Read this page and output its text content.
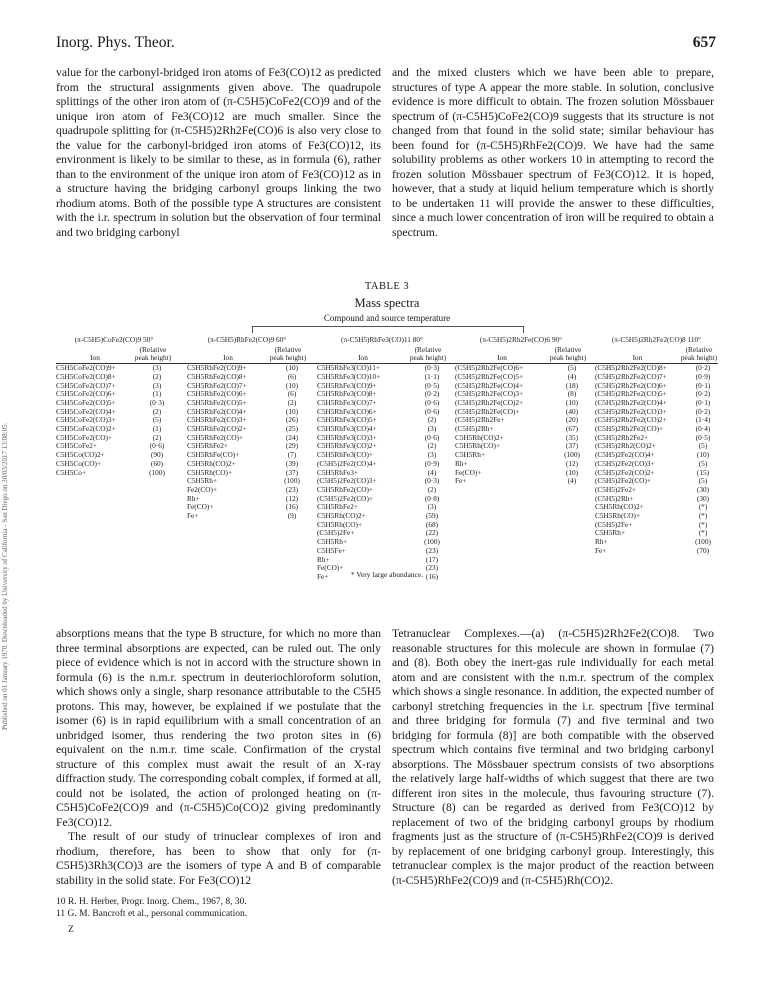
Published on 01 January 1970. Downloaded by University of California - San Diego on 30/03/2017 13:08:05.
Inorg. Phys. Theor.	657

value for the carbonyl-bridged iron atoms of Fe3(CO)12 as predicted from the structural assignments given above. The quadrupole splittings of the other iron atom of (π-C5H5)CoFe2(CO)9 and of the unique iron atom of Fe3(CO)12 are much smaller. Since the quadrupole splitting for (π-C5H5)2Rh2Fe(CO)6 is also very close to the value for the carbonyl-bridged iron atoms of Fe3(CO)12, its environment is likely to be similar to these, as in formula (6), rather than to the environment of the unique iron atom of Fe3(CO)12 as in a structure having the bridging carbonyl groups linking the two rhodium atoms. Both of the possible type A structures are consistent with the i.r. spectrum in solution but the observation of four terminal and two bridging carbonyl

and the mixed clusters which we have been able to prepare, structures of type A appear the more stable. In solution, conclusive evidence is more difficult to obtain. The frozen solution Mössbauer spectrum of (π-C5H5)CoFe2(CO)9 suggests that its structure is not changed from that found in the solid state; similar behaviour has been found for (π-C5H5)RhFe2(CO)9. We have had the same solubility problems as other workers 10 in attempting to record the frozen solution Mössbauer spectrum of Fe3(CO)12. It is hoped, however, that a study at liquid helium temperature which is shortly to be undertaken 11 will provide the answer to these difficulties, since a much lower concentration of iron will be required to obtain a spectrum.

TABLE 3
Mass spectra
Compound and source temperature
(π-C5H5)CoFe2(CO)9 50°
Ion
(Relative peak height)
C5H5CoFe2(CO)9+	(3)
C5H5CoFe2(CO)8+	(2)
C5H5CoFe2(CO)7+	(3)
C5H5CoFe2(CO)6+	(1)
C5H5CoFe2(CO)5+	(0·3)
C5H5CoFe2(CO)4+	(2)
C5H5CoFe2(CO)3+	(5)
C5H5CoFe2(CO)2+	(1)
C5H5CoFe2(CO)+	(2)
C5H5CoFe2+	(0·6)
C5H5Co(CO)2+	(90)
C5H5Co(CO)+	(60)
C5H5Co+	(100)
(π-C5H5)RhFe2(CO)9 60°
Ion
(Relative peak height)
C5H5RhFe2(CO)9+	(10)
C5H5RhFe2(CO)8+	(6)
C5H5RhFe2(CO)7+	(10)
C5H5RhFe2(CO)6+	(6)
C5H5RhFe2(CO)5+	(2)
C5H5RhFe2(CO)4+	(10)
C5H5RhFe2(CO)3+	(26)
C5H5RhFe2(CO)2+	(25)
C5H5RhFe2(CO)+	(24)
C5H5RhFe2+	(29)
C5H5RhFe(CO)+	(7)
C5H5Rh(CO)2+	(39)
C5H5Rh(CO)+	(37)
C5H5Rh+	(100)
Fe2(CO)+	(23)
Rh+	(12)
Fe(CO)+	(16)
Fe+	(9)
(π-C5H5)RhFe3(CO)11 80°
Ion
(Relative peak height)
C5H5RhFe3(CO)11+	(0·3)
C5H5RhFe3(CO)10+	(1·1)
C5H5RhFe3(CO)9+	(0·5)
C5H5RhFe3(CO)8+	(0·2)
C5H5RhFe3(CO)7+	(0·6)
C5H5RhFe3(CO)6+	(0·6)
C5H5RhFe3(CO)5+	(2)
C5H5RhFe3(CO)4+	(3)
C5H5RhFe3(CO)3+	(0·6)
C5H5RhFe3(CO)2+	(2)
C5H5RhFe3(CO)+	(3)
(C5H5)2Fe2(CO)4+	(0·9)
C5H5RhFe3+	(4)
(C5H5)2Fe2(CO)3+	(0·3)
C5H5RhFe2(CO)+	(2)
(C5H5)2Fe2(CO)+	(0·8)
C5H5RhFe2+	(3)
C5H5Rh(CO)2+	(59)
C5H5Rh(CO)+	(68)
(C5H5)2Fe+	(22)
C5H5Rh+	(100)
C5H5Fe+	(23)
Rh+	(17)
Fe(CO)+	(23)
Fe+	(16)
(π-C5H5)2Rh2Fe(CO)6 90°
Ion
(Relative peak height)
(C5H5)2Rh2Fe(CO)6+	(5)
(C5H5)2Rh2Fe(CO)5+	(4)
(C5H5)2Rh2Fe(CO)4+	(18)
(C5H5)2Rh2Fe(CO)3+	(8)
(C5H5)2Rh2Fe(CO)2+	(10)
(C5H5)2Rh2Fe(CO)+	(40)
(C5H5)2Rh2Fe+	(20)
(C5H5)2Rh+	(67)
C5H5Rh(CO)2+	(35)
C5H5Rh(CO)+	(37)
C5H5Rh+	(100)
Rh+	(12)
Fe(CO)+	(10)
Fe+	(4)
(π-C5H5)2Rh2Fe2(CO)8 110°
Ion
(Relative peak height)
(C5H5)2Rh2Fe2(CO)8+	(0·2)
(C5H5)2Rh2Fe2(CO)7+	(0·9)
(C5H5)2Rh2Fe2(CO)6+	(0·1)
(C5H5)2Rh2Fe2(CO)5+	(0·2)
(C5H5)2Rh2Fe2(CO)4+	(0·1)
(C5H5)2Rh2Fe2(CO)3+	(0·2)
(C5H5)2Rh2Fe2(CO)2+	(1·4)
(C5H5)2Rh2Fe2(CO)+	(0·4)
(C5H5)2Rh2Fe2+	(0·5)
(C5H5)2Rh2(CO)2+	(5)
(C5H5)2Fe2(CO)4+	(10)
(C5H5)2Fe2(CO)3+	(5)
(C5H5)2Fe2(CO)2+	(15)
(C5H5)2Fe2(CO)+	(5)
(C5H5)2Fe2+	(30)
(C5H5)2Rh+	(30)
C5H5Rh(CO)2+	(*)
C5H5Rh(CO)+	(*)
(C5H5)2Fe+	(*)
C5H5Rh+	(*)
Rh+	(100)
Fe+	(70)
* Very large abundance.

absorptions means that the type B structure, for which no more than three terminal absorptions are expected, can be ruled out. The only piece of evidence which is not in accord with the structure shown in formula (6) is the n.m.r. spectrum in deuteriochloroform solution, which shows only a single, sharp resonance attributable to the C5H5 protons. This may, however, be explained if we postulate that the isomer (6) is in rapid equilibrium with a small concentration of an unbridged isomer, thus rendering the two proton sites in (6) equivalent on the n.m.r. time scale. Confirmation of the crystal structure of this complex must await the result of an X-ray diffraction study. The corresponding cobalt complex, if formed at all, could not be isolated, the action of prolonged heating on (π-C5H5)CoFe2(CO)9 and (π-C5H5)Co(CO)2 giving predominantly Fe3(CO)12.

The result of our study of trinuclear complexes of iron and rhodium, therefore, has been to show that only for (π-C5H5)3Rh3(CO)3 are the isomers of type A and B of comparable stability in the solid state. For Fe3(CO)12

10 R. H. Herber, Progr. Inorg. Chem., 1967, 8, 30.
11 G. M. Bancroft et al., personal communication.
Z

Tetranuclear Complexes.—(a) (π-C5H5)2Rh2Fe2(CO)8. Two reasonable structures for this molecule are shown in formulae (7) and (8). Both obey the inert-gas rule individually for each metal atom and are consistent with the n.m.r. spectrum of the complex which shows a single resonance. In addition, the expected number of carbonyl stretching frequencies in the i.r. spectrum [five terminal and three bridging for formula (7) and five terminal and two bridging for formula (8)] are both compatible with the observed spectrum which contains five terminal and two bridging carbonyl absorptions. The Mössbauer spectrum consists of two absorptions the relatively large half-widths of which suggest that there are two different iron sites in the molecule, thus favouring structure (7). Structure (8) can be regarded as derived from Fe3(CO)12 by replacement of two of the bridging carbonyl groups by rhodium fragments just as the structure of (π-C5H5)RhFe2(CO)9 is derived by replacement of one bridging carbonyl group. Interestingly, this tetranuclear complex is the major product of the reaction between (π-C5H5)RhFe2(CO)9 and (π-C5H5)Rh(CO)2.
